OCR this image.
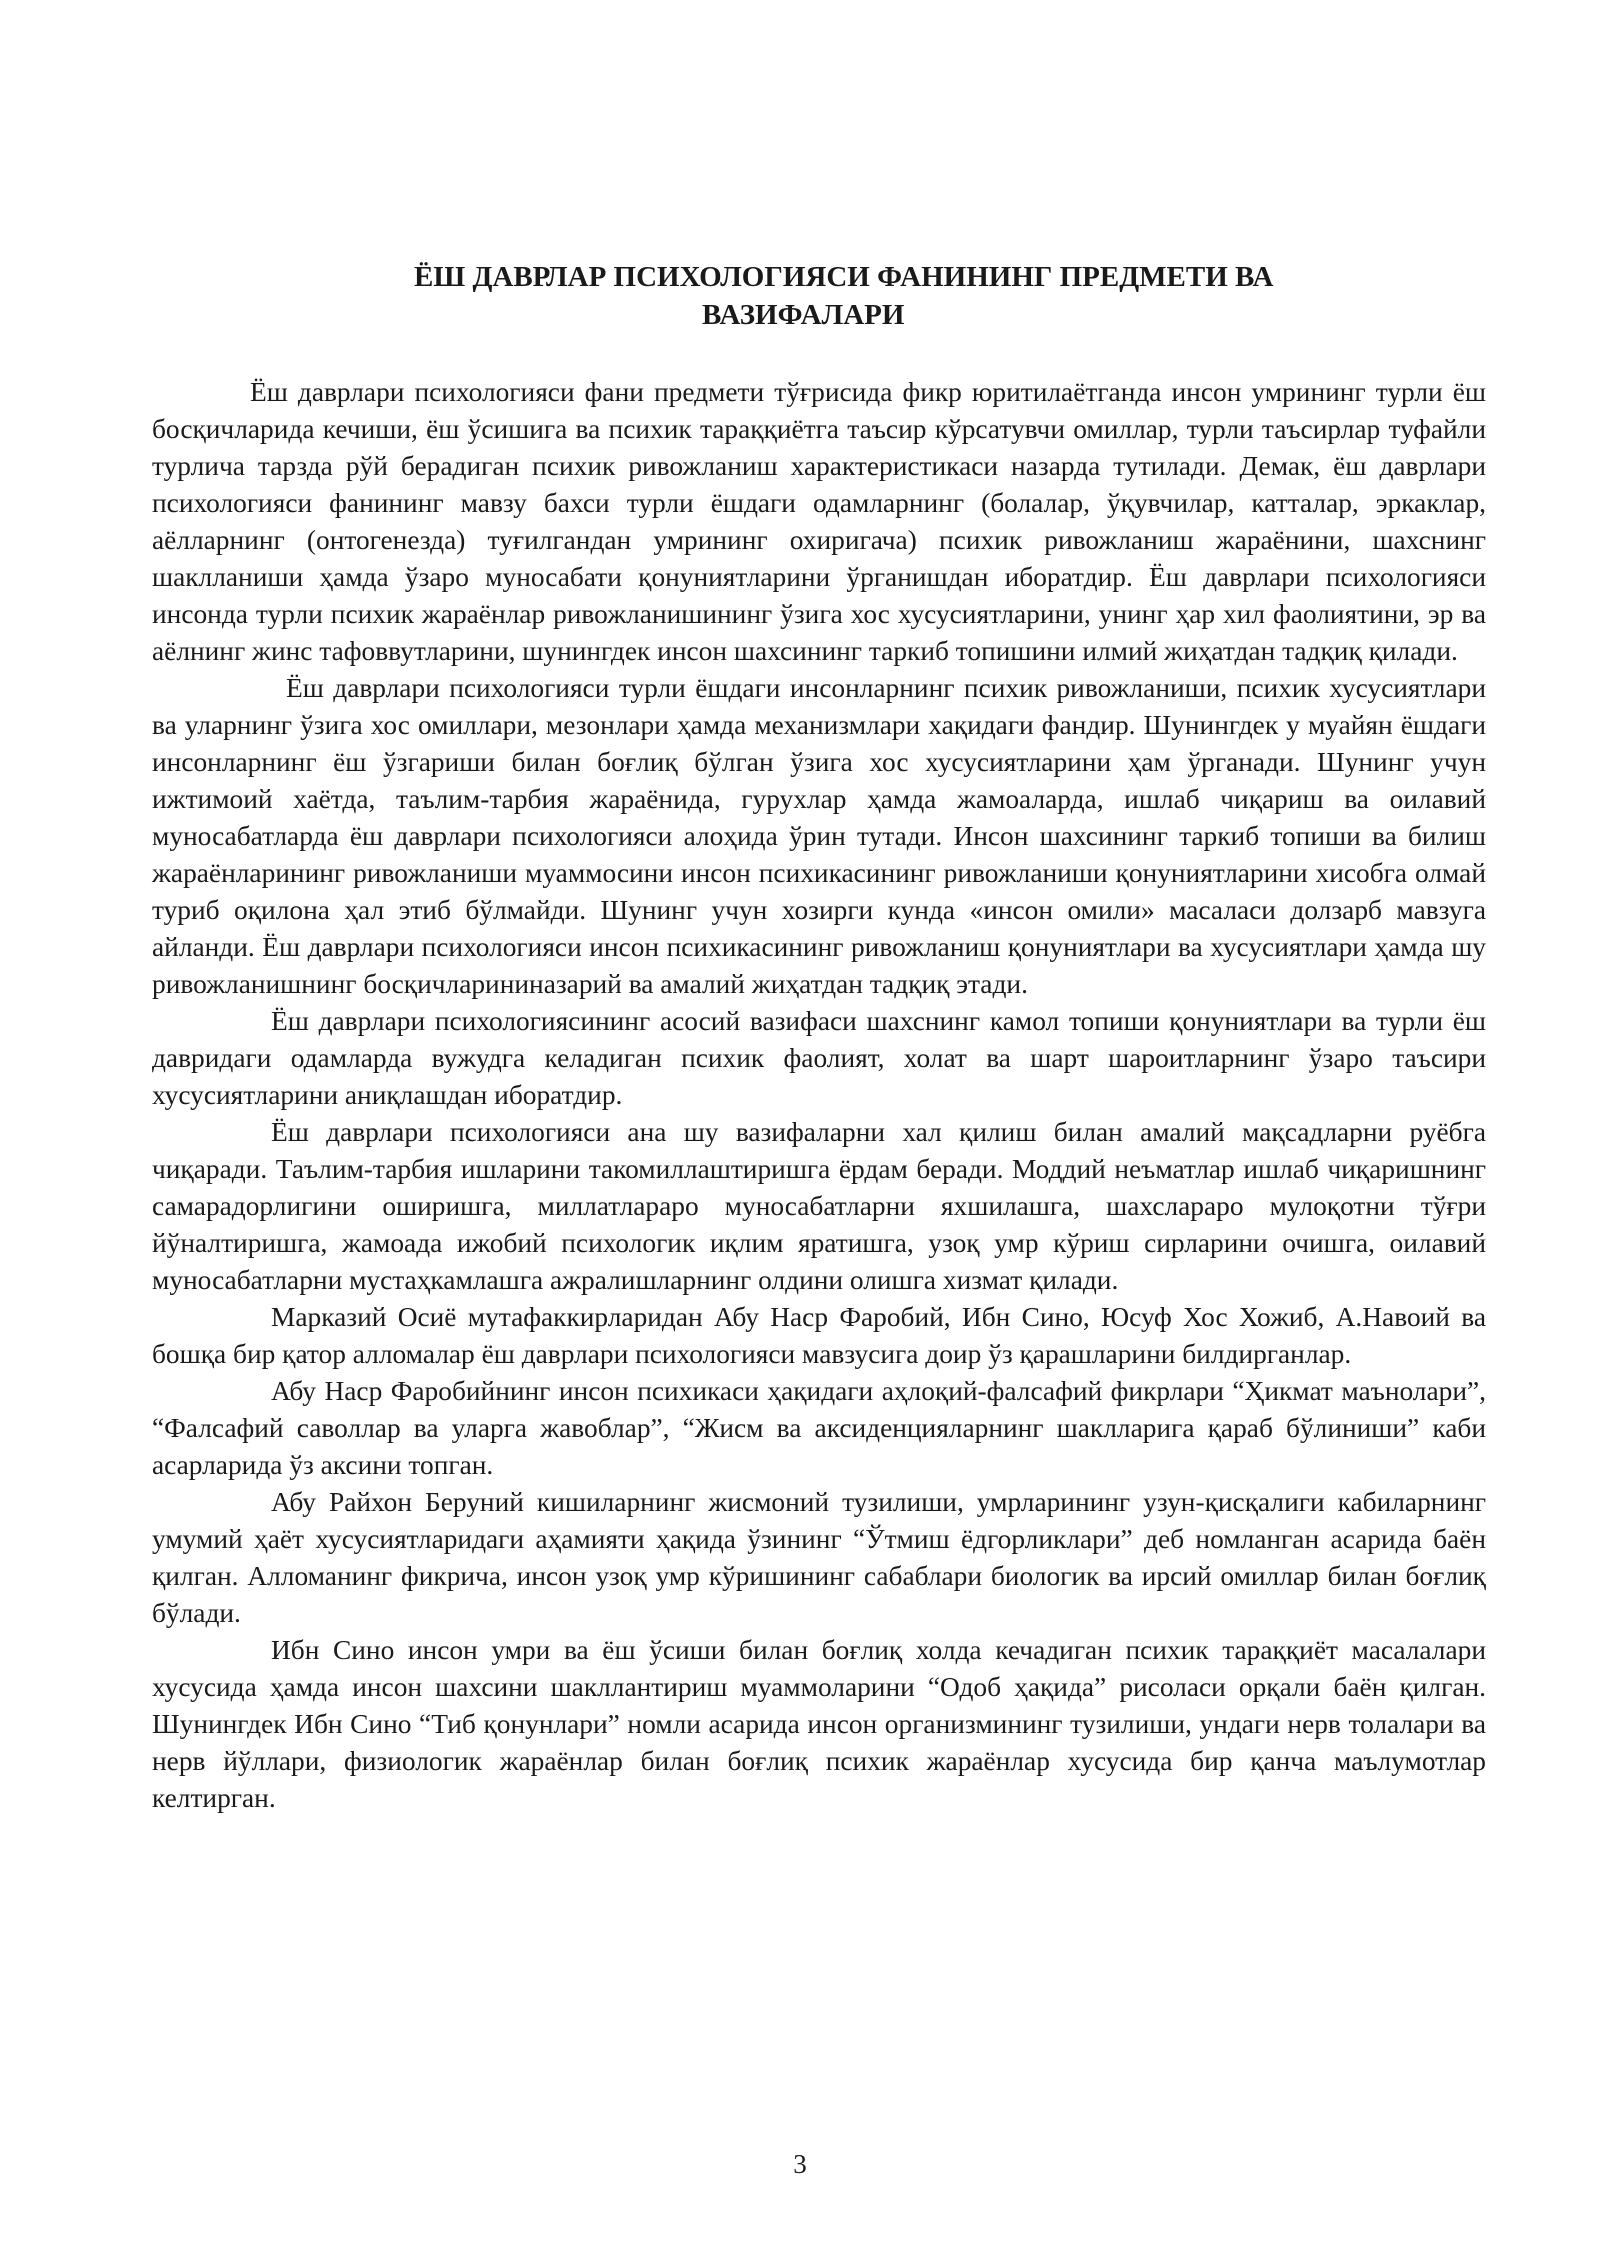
ЁШ ДАВРЛАР ПСИХОЛОГИЯСИ ФАНИНИНГ ПРЕДМЕТИ ВА
ВАЗИФАЛАРИ

Ёш даврлари психологияси фани предмети тўғрисида фикр юритилаётганда инсон умрининг турли ёш босқичларида кечиши, ёш ўсишига ва психик тараққиётга таъсир кўрсатувчи омиллар, турли таъсирлар туфайли турлича тарзда рўй берадиган психик ривожланиш характеристикаси назарда тутилади. Демак, ёш даврлари психологияси фанининг мавзу бахси турли ёшдаги одамларнинг (болалар, ўқувчилар, катталар, эркаклар, аёлларнинг (онтогенезда) туғилгандан умрининг охиригача) психик ривожланиш жараёнини, шахснинг шаклланиши ҳамда ўзаро муносабати қонуниятларини ўрганишдан иборатдир. Ёш даврлари психологияси инсонда турли психик жараёнлар ривожланишининг ўзига хос хусусиятларини, унинг ҳар хил фаолиятини, эр ва аёлнинг жинс тафоввутларини, шунингдек инсон шахсининг таркиб топишини илмий жиҳатдан тадқиқ қилади.

Ёш даврлари психологияси турли ёшдаги инсонларнинг психик ривожланиши, психик хусусиятлари ва уларнинг ўзига хос омиллари, мезонлари ҳамда механизмлари хақидаги фандир. Шунингдек у муайян ёшдаги инсонларнинг ёш ўзгариши билан боғлиқ бўлган ўзига хос хусусиятларини ҳам ўрганади. Шунинг учун ижтимоий хаётда, таълим-тарбия жараёнида, гурухлар ҳамда жамоаларда, ишлаб чиқариш ва оилавий муносабатларда ёш даврлари психологияси алоҳида ўрин тутади. Инсон шахсининг таркиб топиши ва билиш жараёнларининг ривожланиши муаммосини инсон психикасининг ривожланиши қонуниятларини хисобга олмай туриб оқилона ҳал этиб бўлмайди. Шунинг учун хозирги кунда «инсон омили» масаласи долзарб мавзуга айланди. Ёш даврлари психологияси инсон психикасининг ривожланиш қонуниятлари ва хусусиятлари ҳамда шу ривожланишнинг босқичларининазарий ва амалий жиҳатдан тадқиқ этади.

Ёш даврлари психологиясининг асосий вазифаси шахснинг камол топиши қонуниятлари ва турли ёш давридаги одамларда вужудга келадиган психик фаолият, холат ва шарт шароитларнинг ўзаро таъсири хусусиятларини аниқлашдан иборатдир.

Ёш даврлари психологияси ана шу вазифаларни хал қилиш билан амалий мақсадларни руёбга чиқаради. Таълим-тарбия ишларини такомиллаштиришга ёрдам беради. Моддий неъматлар ишлаб чиқаришнинг самарадорлигини оширишга, миллатлараро муносабатларни яхшилашга, шахслараро мулоқотни тўғри йўналтиришга, жамоада ижобий психологик иқлим яратишга, узоқ умр кўриш сирларини очишга, оилавий муносабатларни мустаҳкамлашга ажралишларнинг олдини олишга хизмат қилади.

Марказий Осиё мутафаккирларидан Абу Наср Фаробий, Ибн Сино, Юсуф Хос Хожиб, А.Навоий ва бошқа бир қатор алломалар ёш даврлари психологияси мавзусига доир ўз қарашларини билдирганлар.

Абу Наср Фаробийнинг инсон психикаси ҳақидаги аҳлоқий-фалсафий фикрлари “Ҳикмат маънолари”, “Фалсафий саволлар ва уларга жавоблар”, “Жисм ва аксиденцияларнинг шаклларига қараб бўлиниши” каби асарларида ўз аксини топган.

Абу Райхон Беруний кишиларнинг жисмоний тузилиши, умрларининг узун-қисқалиги кабиларнинг умумий ҳаёт хусусиятларидаги аҳамияти ҳақида ўзининг “Ўтмиш ёдгорликлари” деб номланган асарида баён қилган. Алломанинг фикрича, инсон узоқ умр кўришининг сабаблари биологик ва ирсий омиллар билан боғлиқ бўлади.

Ибн Сино инсон умри ва ёш ўсиши билан боғлиқ холда кечадиган психик тараққиёт масалалари хусусида ҳамда инсон шахсини шакллантириш муаммоларини “Одоб ҳақида” рисоласи орқали баён қилган. Шунингдек Ибн Сино “Тиб қонунлари” номли асарида инсон организмининг тузилиши, ундаги нерв толалари ва нерв йўллари, физиологик жараёнлар билан боғлиқ психик жараёнлар хусусида бир қанча маълумотлар келтирган.

3
